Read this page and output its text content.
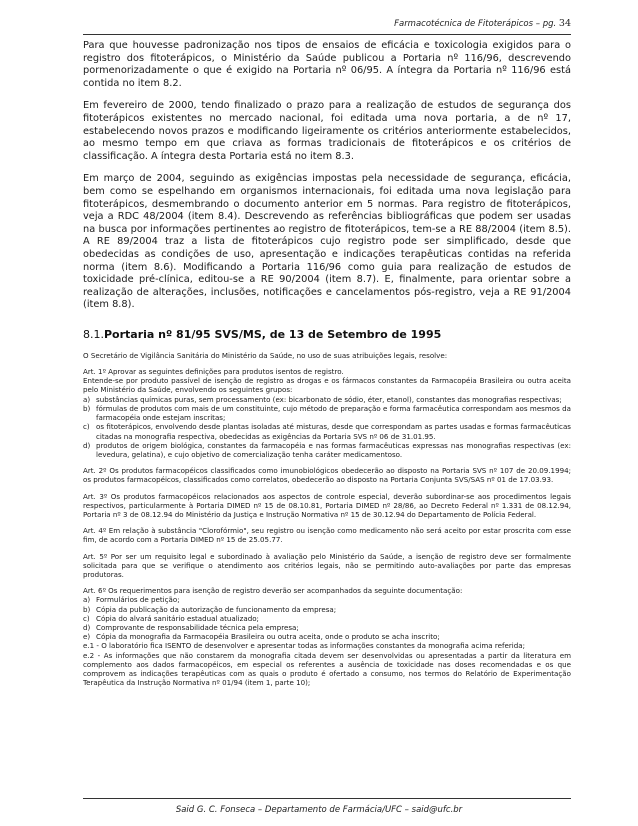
Farmacotécnica de Fitoterápicos – pg. 34

Para que houvesse padronização nos tipos de ensaios de eficácia e toxicologia exigidos para o registro dos fitoterápicos, o Ministério da Saúde publicou a Portaria nº 116/96, descrevendo pormenorizadamente o que é exigido na Portaria nº 06/95. A íntegra da Portaria nº 116/96 está contida no item 8.2.

Em fevereiro de 2000, tendo finalizado o prazo para a realização de estudos de segurança dos fitoterápicos existentes no mercado nacional, foi editada uma nova portaria, a de nº 17, estabelecendo novos prazos e modificando ligeiramente os critérios anteriormente estabelecidos, ao mesmo tempo em que criava as formas tradicionais de fitoterápicos e os critérios de classificação. A íntegra desta Portaria está no item 8.3.

Em março de 2004, seguindo as exigências impostas pela necessidade de segurança, eficácia, bem como se espelhando em organismos internacionais, foi editada uma nova legislação para fitoterápicos, desmembrando o documento anterior em 5 normas. Para registro de fitoterápicos, veja a RDC 48/2004 (item 8.4). Descrevendo as referências bibliográficas que podem ser usadas na busca por informações pertinentes ao registro de fitoterápicos, tem-se a RE 88/2004 (item 8.5). A RE 89/2004 traz a lista de fitoterápicos cujo registro pode ser simplificado, desde que obedecidas as condições de uso, apresentação e indicações terapêuticas contidas na referida norma (item 8.6). Modificando a Portaria 116/96 como guia para realização de estudos de toxicidade pré-clínica, editou-se a RE 90/2004 (item 8.7). E, finalmente, para orientar sobre a realização de alterações, inclusões, notificações e cancelamentos pós-registro, veja a RE 91/2004 (item 8.8).

8.1.Portaria nº 81/95 SVS/MS, de 13 de Setembro de 1995

O Secretário de Vigilância Sanitária do Ministério da Saúde, no uso de suas atribuições legais, resolve:

Art. 1º Aprovar as seguintes definições para produtos isentos de registro.

Entende-se por produto passível de isenção de registro as drogas e os fármacos constantes da Farmacopéia Brasileira ou outra aceita pelo Ministério da Saúde, envolvendo os seguintes grupos:

a) substâncias químicas puras, sem processamento (ex: bicarbonato de sódio, éter, etanol), constantes das monografias respectivas;
b) fórmulas de produtos com mais de um constituinte, cujo método de preparação e forma farmacêutica correspondam aos mesmos da farmacopéia onde estejam inscritas;
c) os fitoterápicos, envolvendo desde plantas isoladas até misturas, desde que correspondam as partes usadas e formas farmacêuticas citadas na monografia respectiva, obedecidas as exigências da Portaria SVS nº 06 de 31.01.95.
d) produtos de origem biológica, constantes da farmacopéia e nas formas farmacêuticas expressas nas monografias respectivas (ex: levedura, gelatina), e cujo objetivo de comercialização tenha caráter medicamentoso.

Art. 2º Os produtos farmacopéicos classificados como imunobiológicos obedecerão ao disposto na Portaria SVS nº 107 de 20.09.1994; os produtos farmacopéicos, classificados como correlatos, obedecerão ao disposto na Portaria Conjunta SVS/SAS nº 01 de 17.03.93.

Art. 3º Os produtos farmacopéicos relacionados aos aspectos de controle especial, deverão subordinar-se aos procedimentos legais respectivos, particularmente à Portaria DIMED nº 15 de 08.10.81, Portaria DIMED nº 28/86, ao Decreto Federal nº 1.331 de 08.12.94, Portaria nº 3 de 08.12.94 do Ministério da Justiça e Instrução Normativa nº 15 de 30.12.94 do Departamento de Polícia Federal.

Art. 4º Em relação à substância "Clorofórmio", seu registro ou isenção como medicamento não será aceito por estar proscrita com esse fim, de acordo com a Portaria DIMED nº 15 de 25.05.77.

Art. 5º Por ser um requisito legal e subordinado à avaliação pelo Ministério da Saúde, a isenção de registro deve ser formalmente solicitada para que se verifique o atendimento aos critérios legais, não se permitindo auto-avaliações por parte das empresas produtoras.

Art. 6º Os requerimentos para isenção de registro deverão ser acompanhados da seguinte documentação:

a) Formulários de petição;
b) Cópia da publicação da autorização de funcionamento da empresa;
c) Cópia do alvará sanitário estadual atualizado;
d) Comprovante de responsabilidade técnica pela empresa;
e) Cópia da monografia da Farmacopéia Brasileira ou outra aceita, onde o produto se acha inscrito;

e.1 - O laboratório fica ISENTO de desenvolver e apresentar todas as informações constantes da monografia acima referida;

e.2 - As informações que não constarem da monografia citada devem ser desenvolvidas ou apresentadas a partir da literatura em complemento aos dados farmacopéicos, em especial os referentes a ausência de toxicidade nas doses recomendadas e os que comprovem as indicações terapêuticas com as quais o produto é ofertado a consumo, nos termos do Relatório de Experimentação Terapêutica da Instrução Normativa nº 01/94 (item 1, parte 10);

Said G. C. Fonseca – Departamento de Farmácia/UFC – said@ufc.br
